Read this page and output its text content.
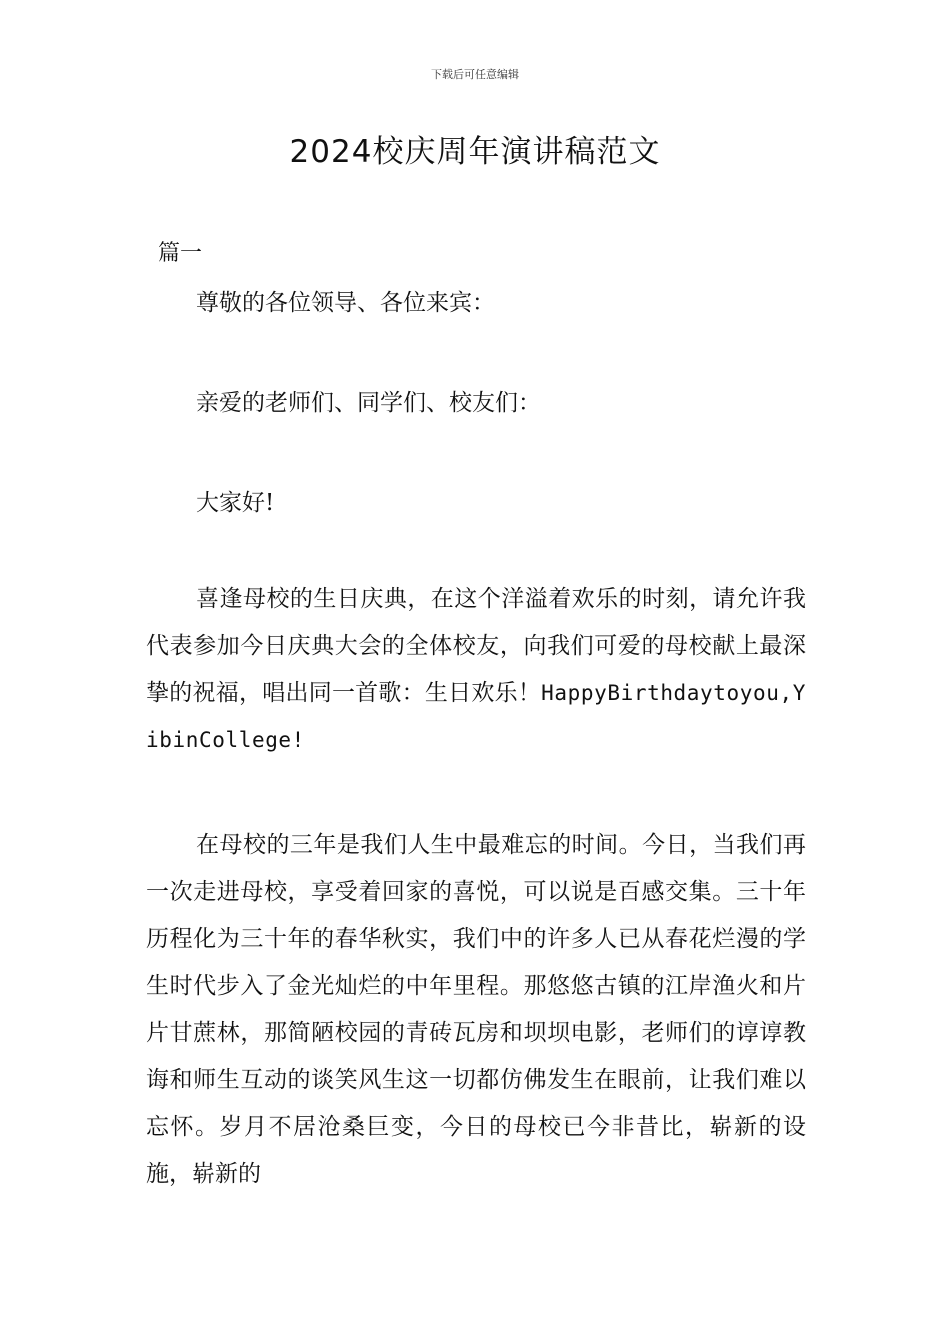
下载后可任意编辑
2024校庆周年演讲稿范文
篇一
尊敬的各位领导、各位来宾：
亲爱的老师们、同学们、校友们：
大家好!
喜逢母校的生日庆典，在这个洋溢着欢乐的时刻，请允许我代表参加今日庆典大会的全体校友，向我们可爱的母校献上最深挚的祝福，唱出同一首歌：生日欢乐！HappyBirthdaytoyou,YibinCollege!
在母校的三年是我们人生中最难忘的时间。今日，当我们再一次走进母校，享受着回家的喜悦，可以说是百感交集。三十年历程化为三十年的春华秋实，我们中的许多人已从春花烂漫的学生时代步入了金光灿烂的中年里程。那悠悠古镇的江岸渔火和片片甘蔗林，那简陋校园的青砖瓦房和坝坝电影，老师们的谆谆教诲和师生互动的谈笑风生这一切都仿佛发生在眼前，让我们难以忘怀。岁月不居沧桑巨变，今日的母校已今非昔比，崭新的设施，崭新的
